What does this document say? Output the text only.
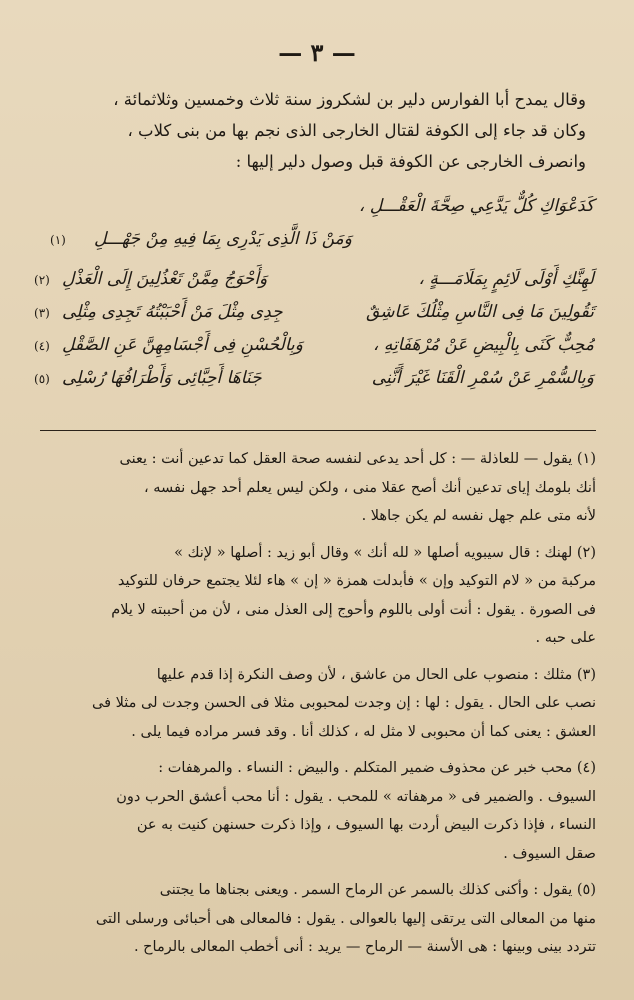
— ٣ —

وقال يمدح أبا الفوارس دلير بن لشكروز سنة ثلاث وخمسين وثلاثمائة ،

وكان قد جاء إلى الكوفة لقتال الخارجى الذى نجم بها من بنى كلاب ،

وانصرف الخارجى عن الكوفة قبل وصول دلير إليها :

كَدَعْوَاكِ كُلٌّ يَدَّعِي صِحَّةَ الْعَقْـــلِ ،
وَمَنْ ذَا الَّذِى يَدْرِى بِمَا فِيهِ مِنْ جَهْـــلِ
(١)
لَهِنَّكِ أَوْلَى لَائِمٍ بِمَلَامَـــةٍ ،
وَأَحْوَجُ مِمَّنْ تَعْذُلِينَ إِلَى الْعَذْلِ
(٢)
تَقُولِينَ مَا فِى النَّاسِ مِثْلُكَ عَاشِقٌ
جِدِى مِثْلَ مَنْ أَحْبَبْتُهُ تَجِدِى مِثْلِى
(٣)
مُحِبٌّ كَنَى بِالْبِيضِ عَنْ مُرْهَفَاتِهِ ،
وَبِالْحُسْنِ فِى أَجْسَامِهِنَّ عَنِ الصَّقْلِ
(٤)
وَبِالسُّمْرِ عَنْ سُمْرِ الْقَنَا غَيْرَ أَنَّنِى
جَنَاهَا أَحِبَّائِى وَأَطْرَافُهَا رُسْلِى
(٥)
(١) يقول — للعاذلة — : كل أحد يدعى لنفسه صحة العقل كما تدعين أنت : يعنى
أنك بلومك إياى تدعين أنك أصح عقلا منى ، ولكن ليس يعلم أحد جهل نفسه ،
لأنه متى علم جهل نفسه لم يكن جاهلا .
(٢) لهنك : قال سيبويه أصلها « لله أنك » وقال أبو زيد : أصلها « لإنك »
مركبة من « لام التوكيد وإن » فأبدلت همزة « إن » هاء لئلا يجتمع حرفان للتوكيد
فى الصورة . يقول : أنت أولى باللوم وأحوج إلى العذل منى ، لأن من أحببته لا يلام
على حبه .
(٣) مثلك : منصوب على الحال من عاشق ، لأن وصف النكرة إذا قدم عليها
نصب على الحال . يقول : لها : إن وجدت لمحبوبى مثلا فى الحسن وجدت لى مثلا فى
العشق : يعنى كما أن محبوبى لا مثل له ، كذلك أنا . وقد فسر مراده فيما يلى .
(٤) محب خبر عن محذوف ضمير المتكلم . والبيض : النساء . والمرهفات :
السيوف . والضمير فى « مرهفاته » للمحب . يقول : أنا محب أعشق الحرب دون
النساء ، فإذا ذكرت البيض أردت بها السيوف ، وإذا ذكرت حسنهن كنيت به عن
صقل السيوف .
(٥) يقول : وأكنى كذلك بالسمر عن الرماح السمر . ويعنى بجناها ما يجتنى
منها من المعالى التى يرتقى إليها بالعوالى . يقول : فالمعالى هى أحبائى ورسلى التى
تتردد بينى وبينها : هى الأسنة — الرماح — يريد : أنى أخطب المعالى بالرماح .
